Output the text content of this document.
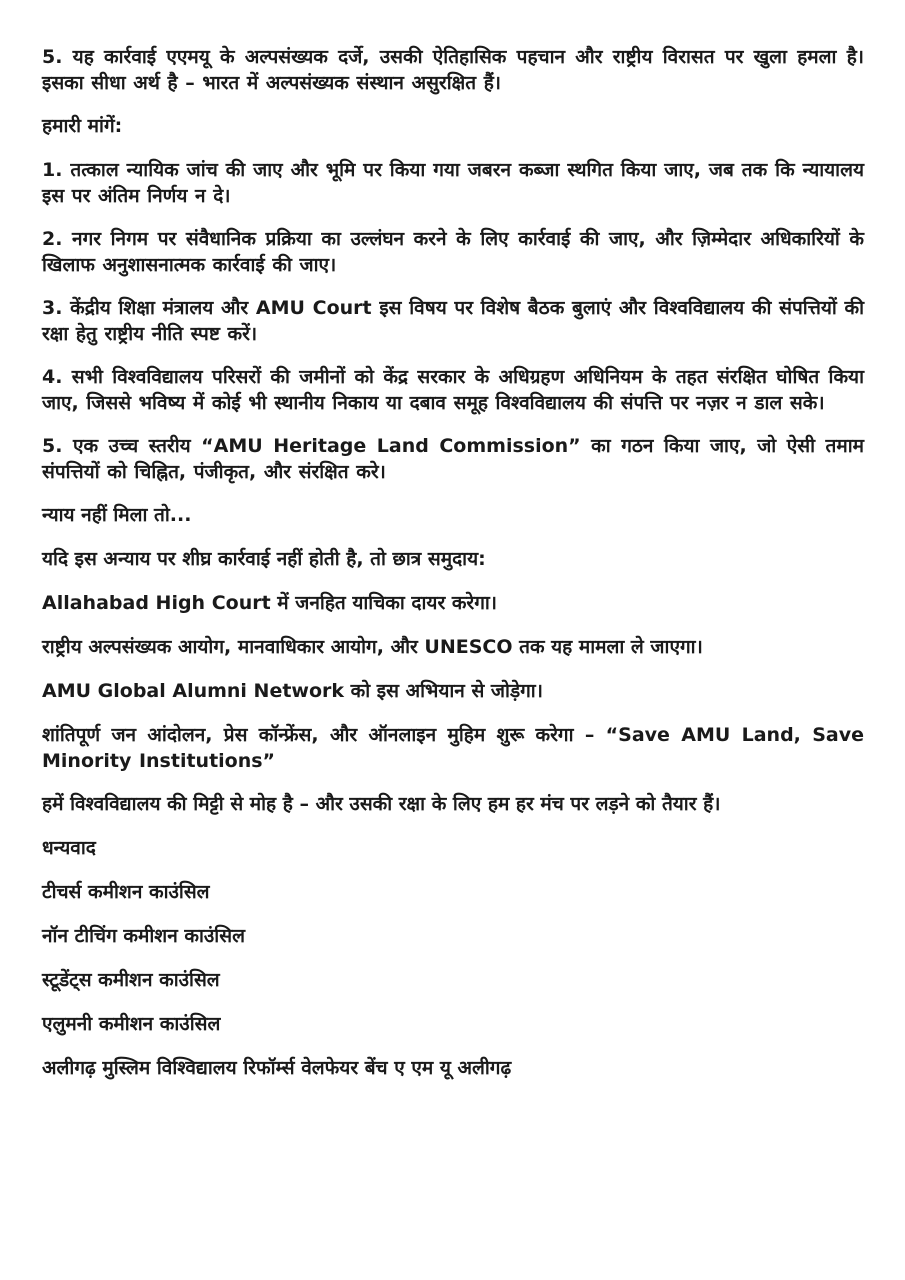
5. यह कार्रवाई एएमयू के अल्पसंख्यक दर्जे, उसकी ऐतिहासिक पहचान और राष्ट्रीय विरासत पर खुला हमला है। इसका सीधा अर्थ है – भारत में अल्पसंख्यक संस्थान असुरक्षित हैं।

हमारी मांगें:

1. तत्काल न्यायिक जांच की जाए और भूमि पर किया गया जबरन कब्जा स्थगित किया जाए, जब तक कि न्यायालय इस पर अंतिम निर्णय न दे।

2. नगर निगम पर संवैधानिक प्रक्रिया का उल्लंघन करने के लिए कार्रवाई की जाए, और ज़िम्मेदार अधिकारियों के खिलाफ अनुशासनात्मक कार्रवाई की जाए।

3. केंद्रीय शिक्षा मंत्रालय और AMU Court इस विषय पर विशेष बैठक बुलाएं और विश्वविद्यालय की संपत्तियों की रक्षा हेतु राष्ट्रीय नीति स्पष्ट करें।

4. सभी विश्वविद्यालय परिसरों की जमीनों को केंद्र सरकार के अधिग्रहण अधिनियम के तहत संरक्षित घोषित किया जाए, जिससे भविष्य में कोई भी स्थानीय निकाय या दबाव समूह विश्वविद्यालय की संपत्ति पर नज़र न डाल सके।

5. एक उच्च स्तरीय “AMU Heritage Land Commission” का गठन किया जाए, जो ऐसी तमाम संपत्तियों को चिह्नित, पंजीकृत, और संरक्षित करे।

न्याय नहीं मिला तो...

यदि इस अन्याय पर शीघ्र कार्रवाई नहीं होती है, तो छात्र समुदाय:

Allahabad High Court में जनहित याचिका दायर करेगा।

राष्ट्रीय अल्पसंख्यक आयोग, मानवाधिकार आयोग, और UNESCO तक यह मामला ले जाएगा।

AMU Global Alumni Network को इस अभियान से जोड़ेगा।

शांतिपूर्ण जन आंदोलन, प्रेस कॉन्फ्रेंस, और ऑनलाइन मुहिम शुरू करेगा – “Save AMU Land, Save Minority Institutions”

हमें विश्वविद्यालय की मिट्टी से मोह है – और उसकी रक्षा के लिए हम हर मंच पर लड़ने को तैयार हैं।

धन्यवाद

टीचर्स कमीशन काउंसिल

नॉन टीचिंग कमीशन काउंसिल

स्टूडेंट्स कमीशन काउंसिल

एलुमनी कमीशन काउंसिल

अलीगढ़ मुस्लिम विश्विद्यालय रिफॉर्म्स वेलफेयर बेंच ए एम यू अलीगढ़
